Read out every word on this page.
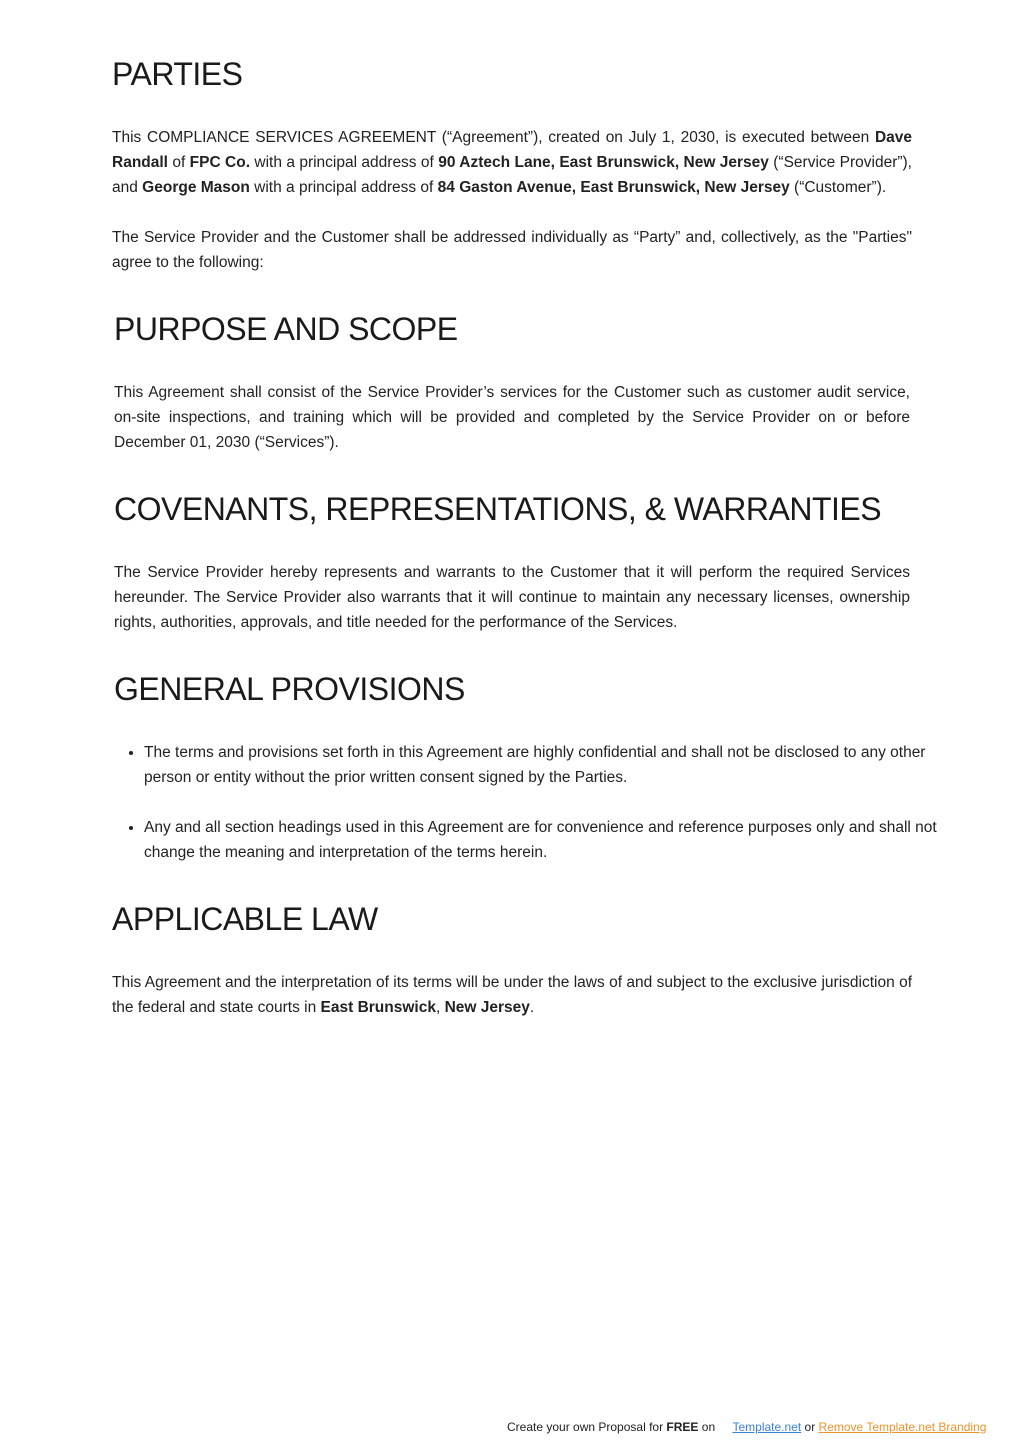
PARTIES

This COMPLIANCE SERVICES AGREEMENT (“Agreement”), created on July 1, 2030, is executed between Dave Randall of FPC Co. with a principal address of 90 Aztech Lane, East Brunswick, New Jersey (“Service Provider”), and George Mason with a principal address of 84 Gaston Avenue, East Brunswick, New Jersey (“Customer”).

The Service Provider and the Customer shall be addressed individually as “Party” and, collectively, as the "Parties" agree to the following:

PURPOSE AND SCOPE

This Agreement shall consist of the Service Provider’s services for the Customer such as customer audit service, on-site inspections, and training which will be provided and completed by the Service Provider on or before December 01, 2030 (“Services”).

COVENANTS, REPRESENTATIONS, & WARRANTIES

The Service Provider hereby represents and warrants to the Customer that it will perform the required Services hereunder. The Service Provider also warrants that it will continue to maintain any necessary licenses, ownership rights, authorities, approvals, and title needed for the performance of the Services.

GENERAL PROVISIONS
• The terms and provisions set forth in this Agreement are highly confidential and shall not be disclosed to any other person or entity without the prior written consent signed by the Parties.
• Any and all section headings used in this Agreement are for convenience and reference purposes only and shall not change the meaning and interpretation of the terms herein.
APPLICABLE LAW

This Agreement and the interpretation of its terms will be under the laws of and subject to the exclusive jurisdiction of the federal and state courts in East Brunswick, New Jersey.

Create your own Proposal for FREE on Template.net or Remove Template.net Branding
